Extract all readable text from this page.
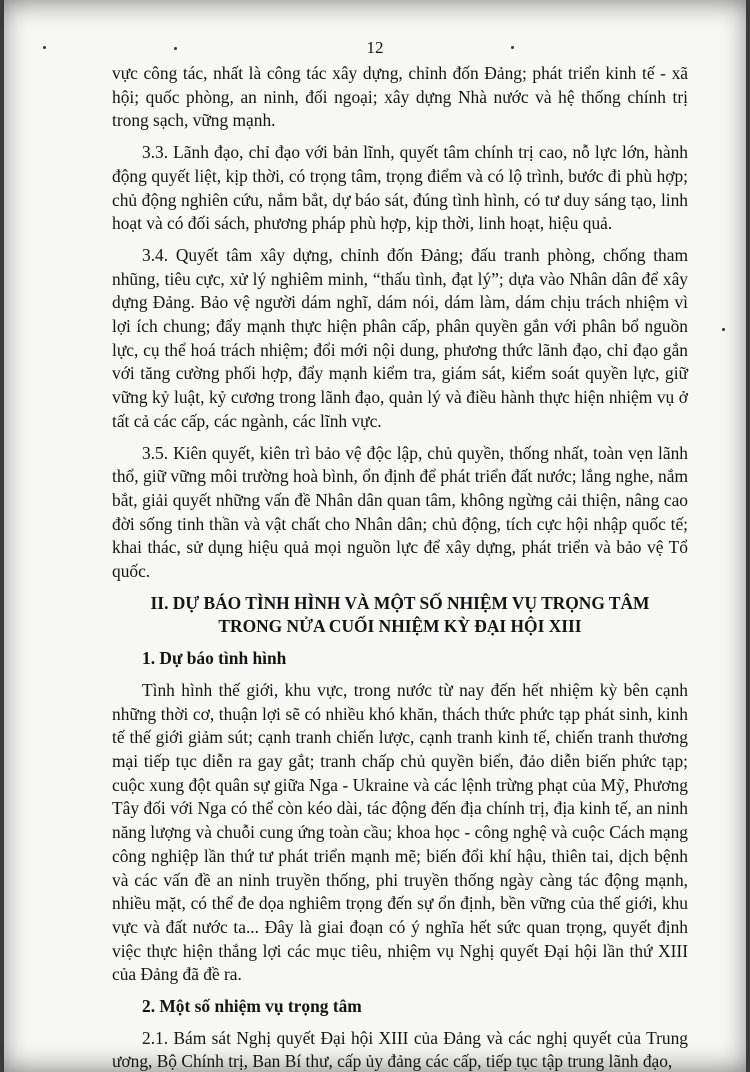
12

vực công tác, nhất là công tác xây dựng, chỉnh đốn Đảng; phát triển kinh tế - xã hội; quốc phòng, an ninh, đối ngoại; xây dựng Nhà nước và hệ thống chính trị trong sạch, vững mạnh.

3.3. Lãnh đạo, chỉ đạo với bản lĩnh, quyết tâm chính trị cao, nỗ lực lớn, hành động quyết liệt, kịp thời, có trọng tâm, trọng điểm và có lộ trình, bước đi phù hợp; chủ động nghiên cứu, nắm bắt, dự báo sát, đúng tình hình, có tư duy sáng tạo, linh hoạt và có đối sách, phương pháp phù hợp, kịp thời, linh hoạt, hiệu quả.

3.4. Quyết tâm xây dựng, chỉnh đốn Đảng; đấu tranh phòng, chống tham nhũng, tiêu cực, xử lý nghiêm minh, “thấu tình, đạt lý”; dựa vào Nhân dân để xây dựng Đảng. Bảo vệ người dám nghĩ, dám nói, dám làm, dám chịu trách nhiệm vì lợi ích chung; đẩy mạnh thực hiện phân cấp, phân quyền gắn với phân bổ nguồn lực, cụ thể hoá trách nhiệm; đổi mới nội dung, phương thức lãnh đạo, chỉ đạo gắn với tăng cường phối hợp, đẩy mạnh kiểm tra, giám sát, kiểm soát quyền lực, giữ vững kỷ luật, kỷ cương trong lãnh đạo, quản lý và điều hành thực hiện nhiệm vụ ở tất cả các cấp, các ngành, các lĩnh vực.

3.5. Kiên quyết, kiên trì bảo vệ độc lập, chủ quyền, thống nhất, toàn vẹn lãnh thổ, giữ vững môi trường hoà bình, ổn định để phát triển đất nước; lắng nghe, nắm bắt, giải quyết những vấn đề Nhân dân quan tâm, không ngừng cải thiện, nâng cao đời sống tinh thần và vật chất cho Nhân dân; chủ động, tích cực hội nhập quốc tế; khai thác, sử dụng hiệu quả mọi nguồn lực để xây dựng, phát triển và bảo vệ Tổ quốc.

II. DỰ BÁO TÌNH HÌNH VÀ MỘT SỐ NHIỆM VỤ TRỌNG TÂM
TRONG NỬA CUỐI NHIỆM KỲ ĐẠI HỘI XIII
1. Dự báo tình hình

Tình hình thế giới, khu vực, trong nước từ nay đến hết nhiệm kỳ bên cạnh những thời cơ, thuận lợi sẽ có nhiều khó khăn, thách thức phức tạp phát sinh, kinh tế thế giới giảm sút; cạnh tranh chiến lược, cạnh tranh kinh tế, chiến tranh thương mại tiếp tục diễn ra gay gắt; tranh chấp chủ quyền biển, đảo diễn biến phức tạp; cuộc xung đột quân sự giữa Nga - Ukraine và các lệnh trừng phạt của Mỹ, Phương Tây đối với Nga có thể còn kéo dài, tác động đến địa chính trị, địa kinh tế, an ninh năng lượng và chuỗi cung ứng toàn cầu; khoa học - công nghệ và cuộc Cách mạng công nghiệp lần thứ tư phát triển mạnh mẽ; biến đổi khí hậu, thiên tai, dịch bệnh và các vấn đề an ninh truyền thống, phi truyền thống ngày càng tác động mạnh, nhiều mặt, có thể đe dọa nghiêm trọng đến sự ổn định, bền vững của thế giới, khu vực và đất nước ta... Đây là giai đoạn có ý nghĩa hết sức quan trọng, quyết định việc thực hiện thắng lợi các mục tiêu, nhiệm vụ Nghị quyết Đại hội lần thứ XIII của Đảng đã đề ra.

2. Một số nhiệm vụ trọng tâm

2.1. Bám sát Nghị quyết Đại hội XIII của Đảng và các nghị quyết của Trung ương, Bộ Chính trị, Ban Bí thư, cấp ủy đảng các cấp, tiếp tục tập trung lãnh đạo,
